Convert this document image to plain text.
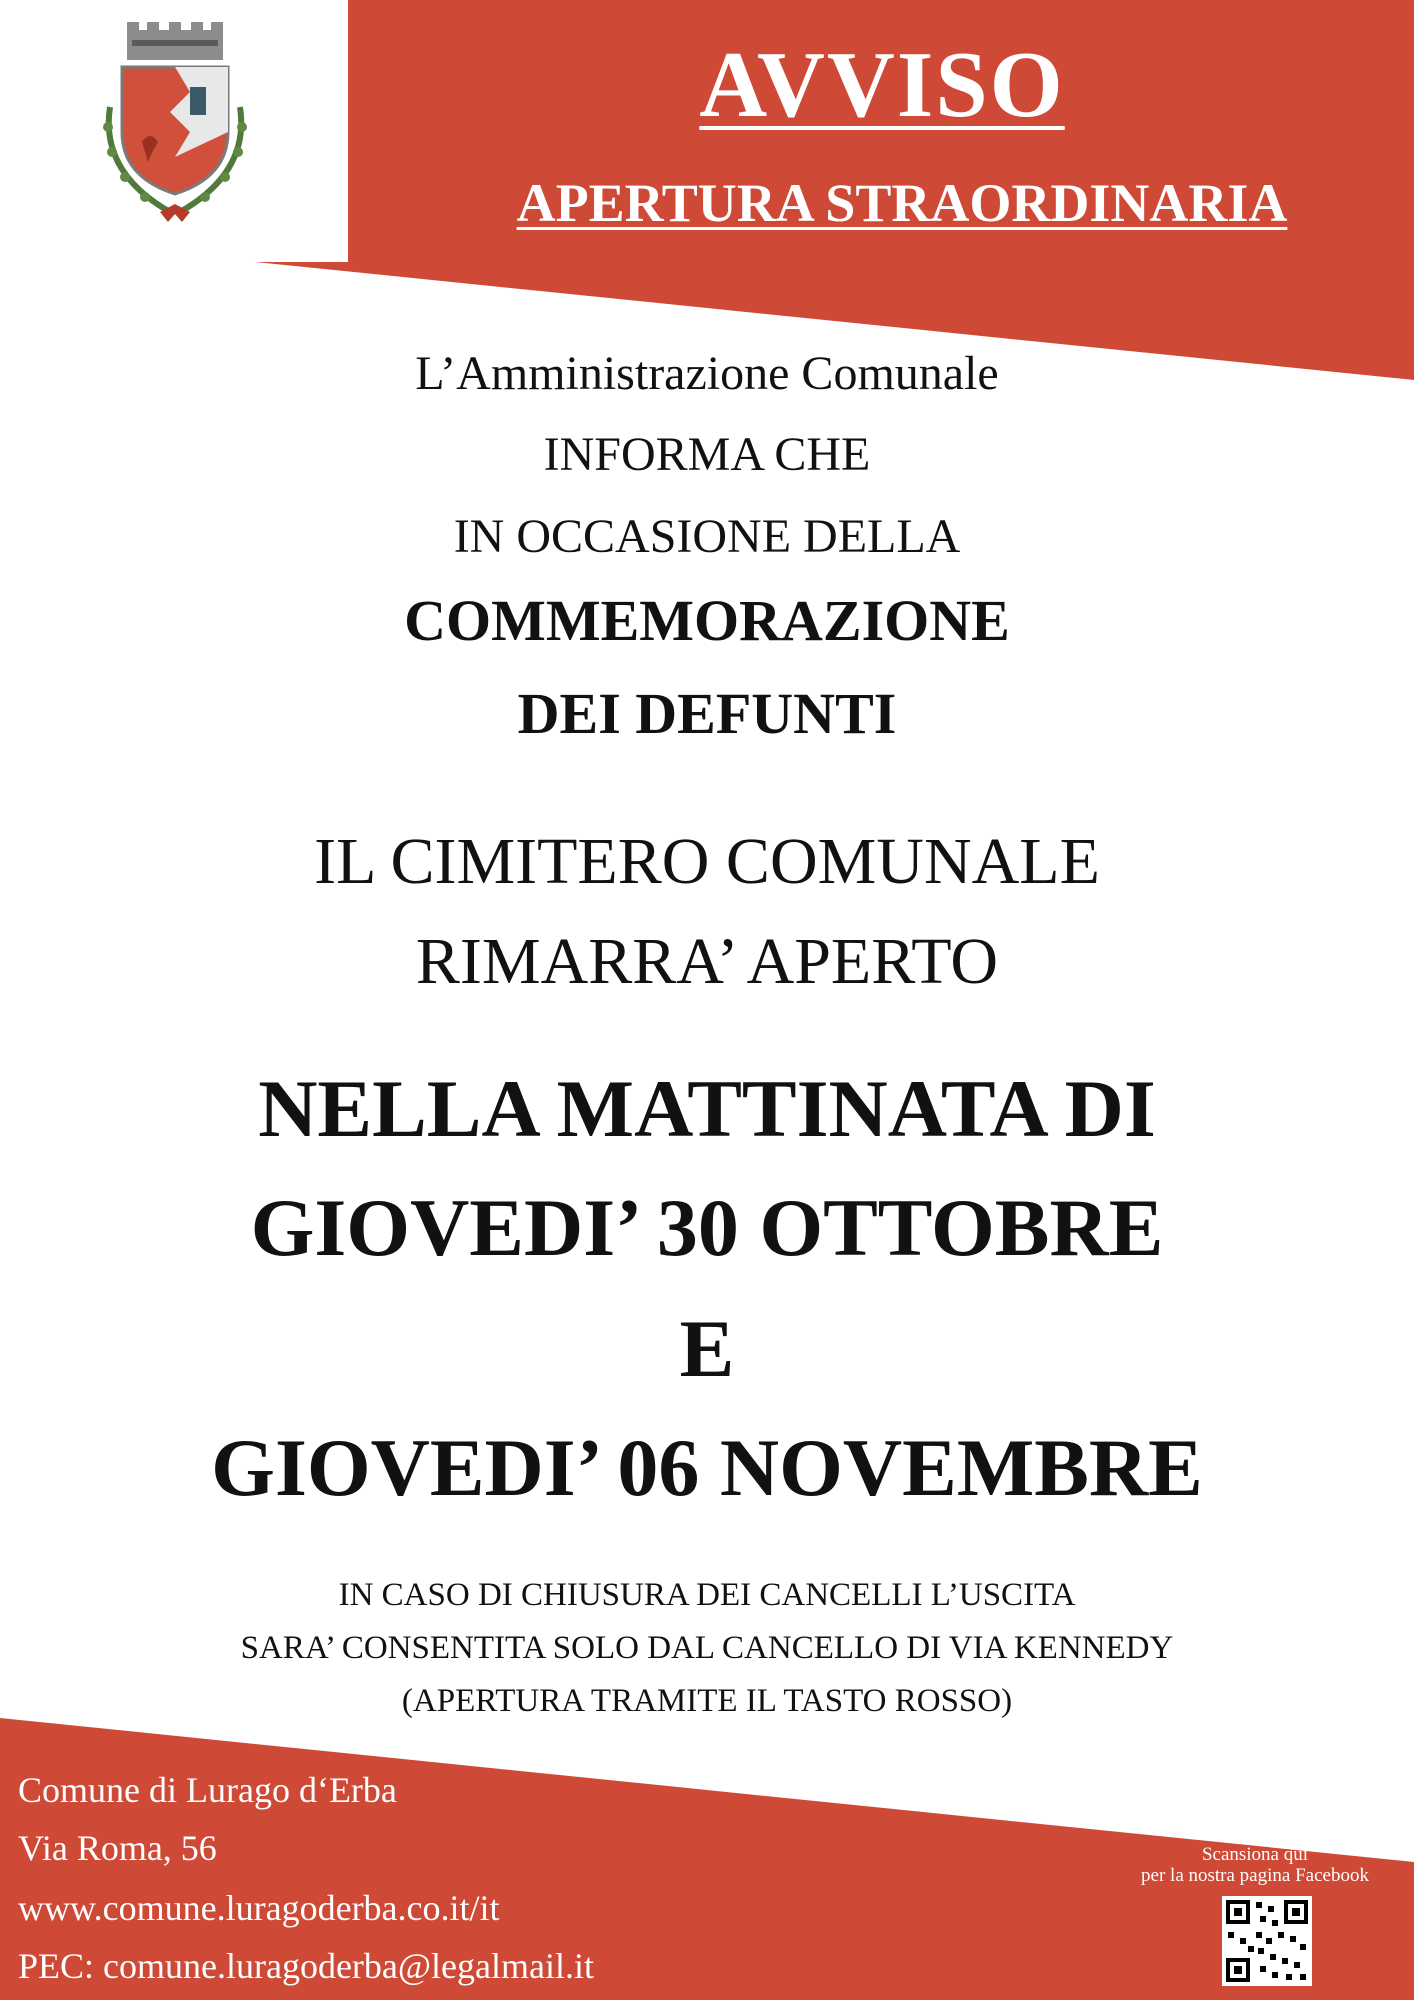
AVVISO
APERTURA STRAORDINARIA
L’Amministrazione Comunale
INFORMA CHE
IN OCCASIONE DELLA
COMMEMORAZIONE
DEI DEFUNTI
IL CIMITERO COMUNALE
RIMARRA’ APERTO
NELLA MATTINATA DI
GIOVEDI’ 30 OTTOBRE
E
GIOVEDI’ 06 NOVEMBRE
IN CASO DI CHIUSURA DEI CANCELLI L’USCITA
SARA’ CONSENTITA SOLO DAL CANCELLO DI VIA KENNEDY
(APERTURA TRAMITE IL TASTO ROSSO)
Comune di Lurago d‘Erba
Via Roma, 56
www.comune.luragoderba.co.it/it
PEC: comune.luragoderba@legalmail.it
Scansiona qui
per la nostra pagina Facebook
